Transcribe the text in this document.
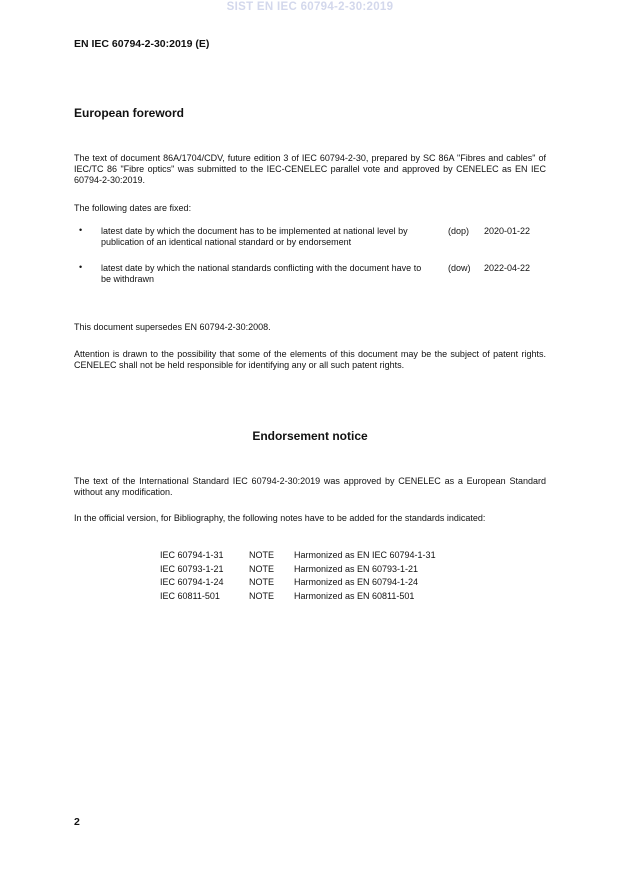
SIST EN IEC 60794-2-30:2019
EN IEC 60794-2-30:2019 (E)
European foreword

The text of document 86A/1704/CDV, future edition 3 of IEC 60794-2-30, prepared by SC 86A "Fibres and cables" of IEC/TC 86 "Fibre optics" was submitted to the IEC-CENELEC parallel vote and approved by CENELEC as EN IEC 60794-2-30:2019.

The following dates are fixed:

• latest date by which the document has to be implemented at national level by publication of an identical national standard or by endorsement
(dop) 2020-01-22
• latest date by which the national standards conflicting with the document have to be withdrawn
(dow) 2022-04-22

This document supersedes EN 60794-2-30:2008.

Attention is drawn to the possibility that some of the elements of this document may be the subject of patent rights. CENELEC shall not be held responsible for identifying any or all such patent rights.

Endorsement notice

The text of the International Standard IEC 60794-2-30:2019 was approved by CENELEC as a European Standard without any modification.

In the official version, for Bibliography, the following notes have to be added for the standards indicated:

IEC 60794-1-31	NOTE Harmonized as EN IEC 60794-1-31
IEC 60793-1-21	NOTE Harmonized as EN 60793-1-21
IEC 60794-1-24	NOTE Harmonized as EN 60794-1-24
IEC 60811-501	NOTE Harmonized as EN 60811-501
2
